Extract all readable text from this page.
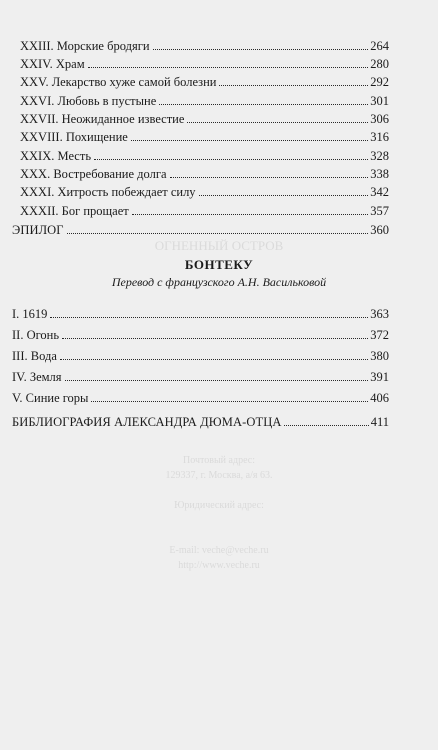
ОГНЕННЫЙ ОСТРОВ
Почтовый адрес:
129337, г. Москва, а/я 63.
Юридический адрес:
E-mail: veche@veche.ru
http://www.veche.ru
XXIII. Морские бродяги	264
XXIV. Храм	280
XXV. Лекарство хуже самой болезни	292
XXVI. Любовь в пустыне	301
XXVII. Неожиданное известие	306
XXVIII. Похищение	316
XXIX. Месть	328
XXX. Востребование долга	338
XXXI. Хитрость побеждает силу	342
XXXII. Бог прощает	357
ЭПИЛОГ	360
БОНТЕКУ
Перевод с французского А.Н. Васильковой
I. 1619	363
II. Огонь	372
III. Вода	380
IV. Земля	391
V. Синие горы	406
БИБЛИОГРАФИЯ АЛЕКСАНДРА ДЮМА-ОТЦА	411
